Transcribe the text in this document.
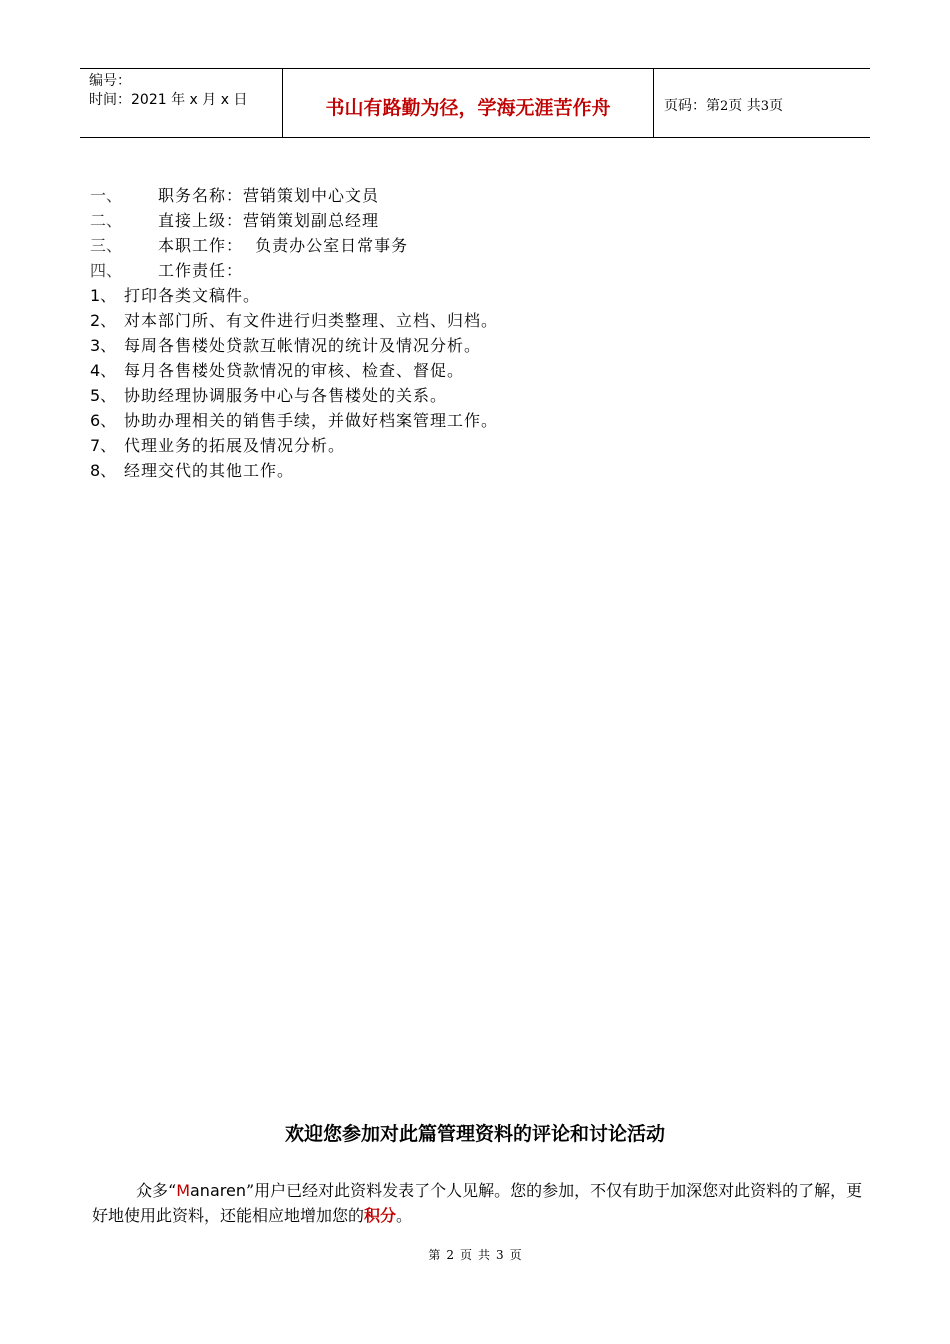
编号：
时间：2021 年 x 月 x 日	书山有路勤为径，学海无涯苦作舟	页码：第2页 共3页
一、 职务名称：营销策划中心文员
二、 直接上级：营销策划副总经理
三、 本职工作：  负责办公室日常事务
四、 工作责任：
1、 打印各类文稿件。
2、 对本部门所、有文件进行归类整理、立档、归档。
3、 每周各售楼处贷款互帐情况的统计及情况分析。
4、 每月各售楼处贷款情况的审核、检查、督促。
5、 协助经理协调服务中心与各售楼处的关系。
6、 协助办理相关的销售手续，并做好档案管理工作。
7、 代理业务的拓展及情况分析。
8、 经理交代的其他工作。
欢迎您参加对此篇管理资料的评论和讨论活动
众多“Manaren”用户已经对此资料发表了个人见解。您的参加，不仅有助于加深您对此资料的了解，更好地使用此资料，还能相应地增加您的积分。
第 2 页 共 3 页
